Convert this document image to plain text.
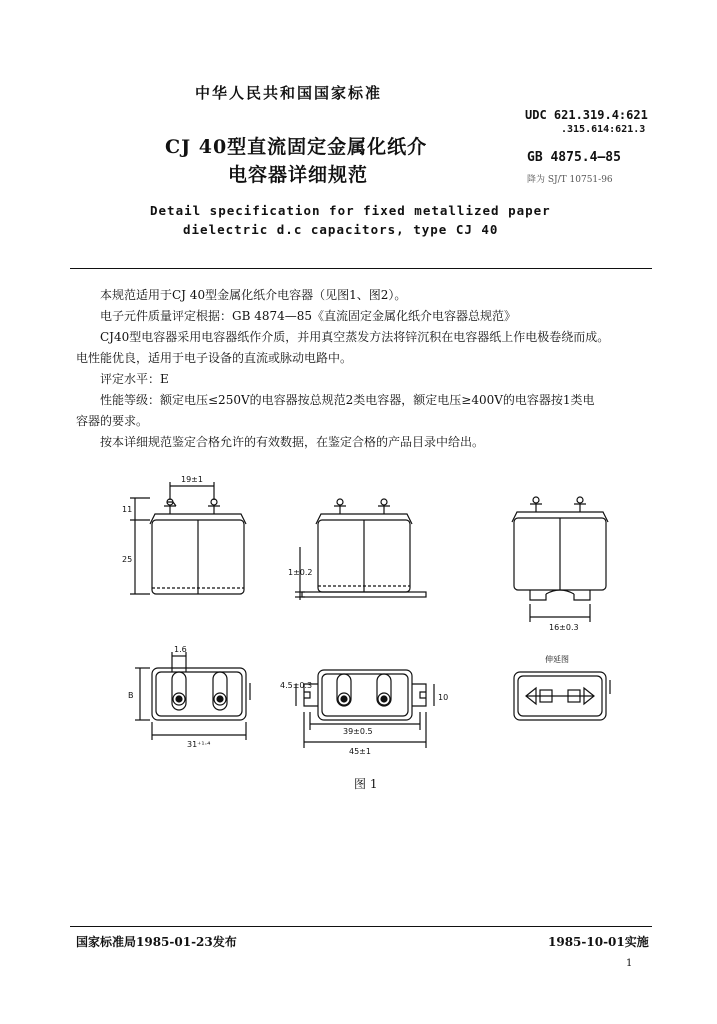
中华人民共和国国家标准
CJ 40型直流固定金属化纸介
电容器详细规范
Detail specification for fixed metallized paper
dielectric d.c capacitors, type CJ 40
UDC 621.319.4:621
.315.614:621.3
GB 4875.4—85
降为 SJ/T 10751-96

本规范适用于CJ 40型金属化纸介电容器（见图1、图2）。

电子元件质量评定根据：GB 4874—85《直流固定金属化纸介电容器总规范》

CJ40型电容器采用电容器纸作介质，并用真空蒸发方法将锌沉积在电容器纸上作电极卷绕而成。

电性能优良，适用于电子设备的直流或脉动电路中。

评定水平：E

性能等级：额定电压≤250V的电容器按总规范2类电容器，额定电压≥400V的电容器按1类电

容器的要求。

按本详细规范鉴定合格允许的有效数据，在鉴定合格的产品目录中给出。

19±1
11
25
1±0.2
16±0.3
1.6
B
31⁺¹·⁴
4.5±0.3
10
39±0.5
45±1
伸延图
图 1
国家标准局1985-01-23发布	1985-10-01实施
1
